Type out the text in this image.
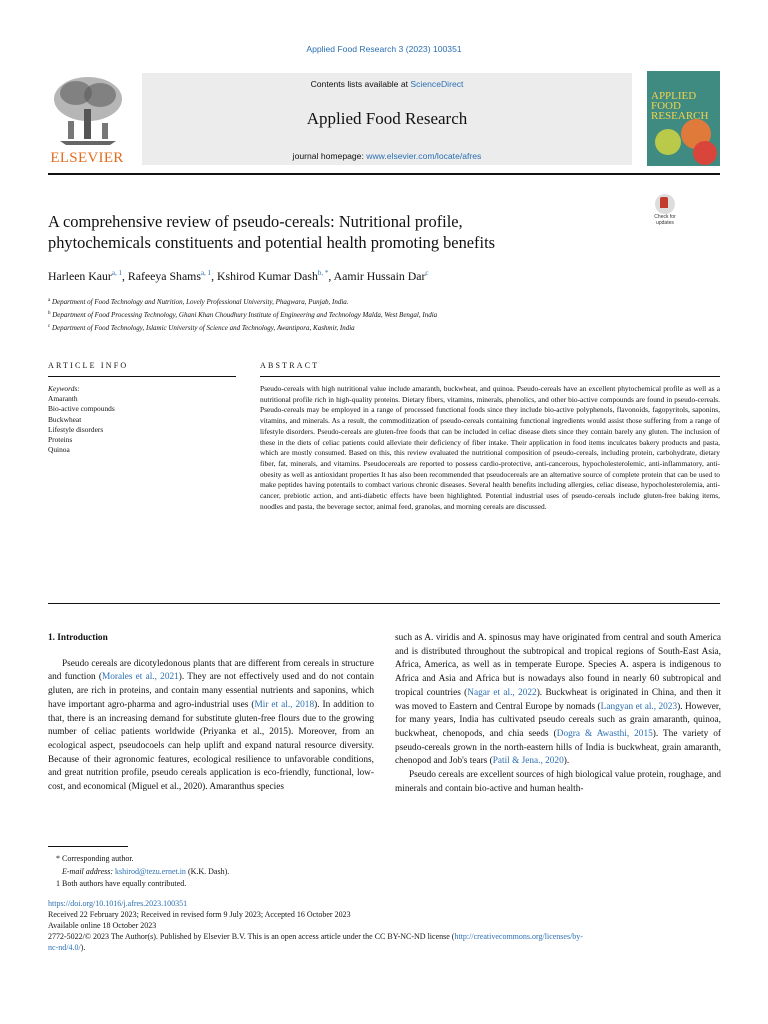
Applied Food Research 3 (2023) 100351
ELSEVIER
Contents lists available at ScienceDirect
Applied Food Research
journal homepage: www.elsevier.com/locate/afres
APPLIED
FOOD
RESEARCH
A comprehensive review of pseudo-cereals: Nutritional profile,
phytochemicals constituents and potential health promoting benefits
Check for
updates
Harleen Kaur$^{a, 1}$, Rafeeya Shams$^{a, 1}$, Kshirod Kumar Dash$^{b, *}$, Aamir Hussain Dar$^c$
$^a$ Department of Food Technology and Nutrition, Lovely Professional University, Phagwara, Punjab, India.
$^b$ Department of Food Processing Technology, Ghani Khan Choudhury Institute of Engineering and Technology Malda, West Bengal, India
$^c$ Department of Food Technology, Islamic University of Science and Technology, Awantipora, Kashmir, India
ARTICLE INFO	ABSTRACT
Keywords:
Amaranth
Bio-active compounds
Buckwheat
Lifestyle disorders
Proteins
Quinoa
Pseudo-cereals with high nutritional value include amaranth, buckwheat, and quinoa. Pseudo-cereals have an excellent phytochemical profile as well as a nutritional profile rich in high-quality proteins. Dietary fibers, vitamins, minerals, phenolics, and other bio-active compounds are found in pseudo-cereals. Pseudo-cereals may be employed in a range of processed functional foods since they include bio-active polyphenols, flavonoids, fagopyritols, saponins, vitamins, and minerals. As a result, the commoditization of pseudo-cereals containing functional ingredients would assist those suffering from a range of lifestyle disorders. Pseudo-cereals are gluten-free foods that can be included in celiac disease diets since they contain barely any gluten. The inclusion of these in the diets of celiac patients could alleviate their deficiency of fiber intake. Their application in food items inculcates bakery products and pasta, which are mostly consumed. Based on this, this review evaluated the nutritional composition of pseudo-cereals, including protein, carbohydrate, dietary fiber, fat, minerals, and vitamins. Pseudocereals are reported to possess cardio-protective, anti-cancerous, hypocholesterolemic, anti-inflammatory, anti-obesity as well as antioxidant properties It has also been recommended that pseudocereals are an alternative source of complete protein that can be used to make peptides having potentails to combact various chronic diseases. Several health benefits including allergies, celiac disease, hypocholesterolemia, anti-cancer, prebiotic action, and anti-diabetic effects have been highlighted. Potential industrial uses of pseudo-cereals include gluten-free baking items, noodles and pasta, the beverage sector, animal feed, granolas, and morning cereals are discussed.
1. Introduction

Pseudo cereals are dicotyledonous plants that are different from cereals in structure and function (Morales et al., 2021). They are not effectively used and do not contain gluten, are rich in proteins, and contain many essential nutrients and saponins, which have important agro-pharma and agro-industrial uses (Mir et al., 2018). In addition to that, there is an increasing demand for substitute gluten-free flours due to the growing number of celiac patients worldwide (Priyanka et al., 2015). Moreover, from an ecological aspect, pseudocoels can help uplift and expand natural resource diversity. Because of their agronomic features, ecological resilience to unfavorable conditions, and great nutrition profile, pseudo cereals application is eco-friendly, functional, low-cost, and economical (Miguel et al., 2020). Amaranthus species

such as A. viridis and A. spinosus may have originated from central and south America and is distributed throughout the subtropical and tropical regions of South-East Asia, Africa, America, as well as in temperate Europe. Species A. aspera is indigenous to Africa and Asia and Africa but is nowadays also found in nearly 60 subtropical and tropical countries (Nagar et al., 2022). Buckwheat is originated in China, and then it was moved to Eastern and Central Europe by nomads (Langyan et al., 2023). However, for many years, India has cultivated pseudo cereals such as grain amaranth, quinoa, buckwheat, chenopods, and chia seeds (Dogra & Awasthi, 2015). The variety of pseudo-cereals grown in the north-eastern hills of India is buckwheat, grain amaranth, chenopod and Job's tears (Patil & Jena., 2020).

Pseudo cereals are excellent sources of high biological value protein, roughage, and minerals and contain bio-active and human health-

* Corresponding author.
E-mail address: kshirod@tezu.ernet.in (K.K. Dash).
1 Both authors have equally contributed.
https://doi.org/10.1016/j.afres.2023.100351
Received 22 February 2023; Received in revised form 9 July 2023; Accepted 16 October 2023
Available online 18 October 2023
2772-5022/© 2023 The Author(s). Published by Elsevier B.V. This is an open access article under the CC BY-NC-ND license (http://creativecommons.org/licenses/by-
nc-nd/4.0/).
